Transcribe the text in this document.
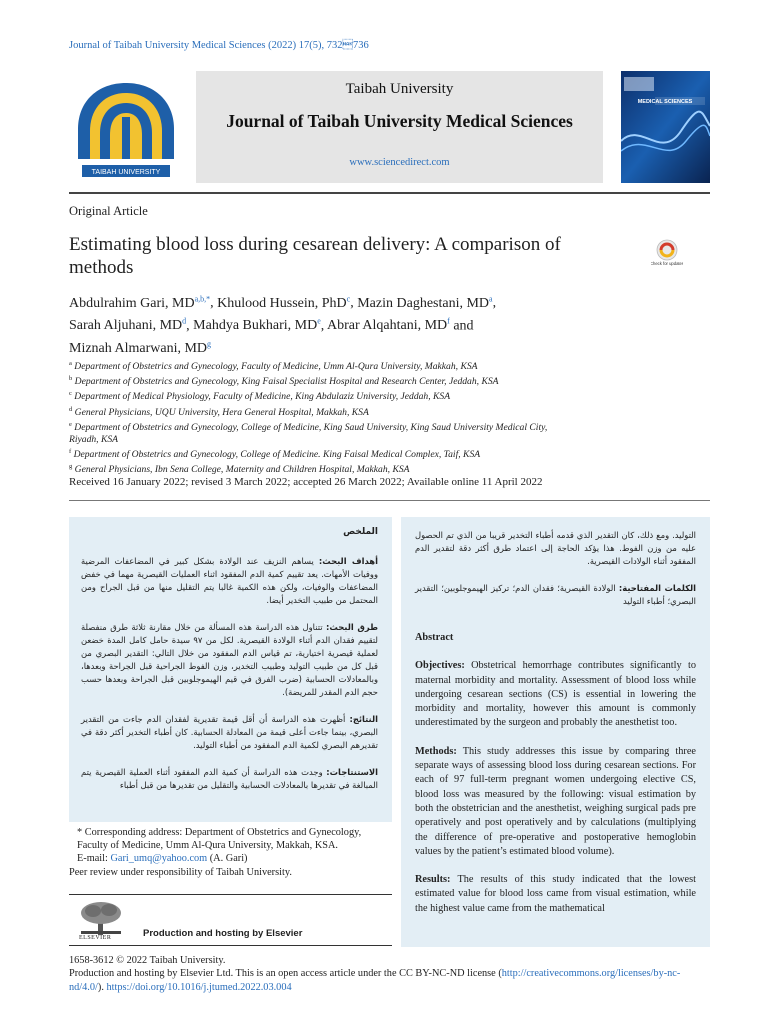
Journal of Taibah University Medical Sciences (2022) 17(5), 732736
TAIBAH UNIVERSITY
Taibah University
Journal of Taibah University Medical Sciences
www.sciencedirect.com
MEDICAL SCIENCES
Original Article
Estimating blood loss during cesarean delivery: A comparison of methods	Check for updates
Abdulrahim Gari, $MD^{a,b,*}$, Khulood Hussein, PhD$^c$, Mazin Daghestani, $MD^a$,
Sarah Aljuhani, $MD^d$, Mahdya Bukhari, MDe, Abrar Alqahtani, $MD^f$ and
Miznah Almarwani, $MD^g$
$^a$ Department of Obstetrics and Gynecology, Faculty of Medicine, Umm Al-Qura University, Makkah, KSA
$^b$ Department of Obstetrics and Gynecology, King Faisal Specialist Hospital and Research Center, Jeddah, KSA
$^c$ Department of Medical Physiology, Faculty of Medicine, King Abdulaziz University, Jeddah, KSA
$^d$ General Physicians, UQU University, Hera General Hospital, Makkah, KSA
$^e$ Department of Obstetrics and Gynecology, College of Medicine, King Saud University, King Saud University Medical City,
Riyadh, KSA
$^f$ Department of Obstetrics and Gynecology, College of Medicine. King Faisal Medical Complex, Taif, KSA
$^g$ General Physicians, Ibn Sena College, Maternity and Children Hospital, Makkah, KSA
Received 16 January 2022; revised 3 March 2022; accepted 26 March 2022; Available online 11 April 2022
الملخص

أهداف البحث: يساهم النزيف عند الولادة بشكل كبير في المضاعفات المرضية ووفيات الأمهات. يعد تقييم كمية الدم المفقود اثناء العمليات القيصرية مهما في خفض المضاعفات والوفيات، ولكن هذه الكمية غالبا يتم التقليل منها من قبل الجراح ومن المحتمل من طبيب التخدير أيضا.

طرق البحث: تتناول هذه الدراسة هذه المسألة من خلال مقارنة ثلاثة طرق منفصلة لتقييم فقدان الدم أثناء الولادة القيصرية. لكل من ٩٧ سيدة حامل كامل المدة خضعن لعملية قيصرية اختيارية، تم قياس الدم المفقود من خلال التالي: التقدير البصري من قبل كل من طبيب التوليد وطبيب التخدير، وزن الفوط الجراحية قبل الجراحة وبعدها، وبالمعادلات الحسابية (ضرب الفرق في قيم الهيموجلوبين قبل الجراحة وبعدها حسب حجم الدم المقدر للمريضة).

النتائج: أظهرت هذه الدراسة أن أقل قيمة تقديرية لفقدان الدم جاءت من التقدير البصري، بينما جاءت أعلى قيمة من المعادلة الحسابية. كان أطباء التخدير أكثر دقة في تقديرهم البصري لكمية الدم المفقود من أطباء التوليد.

الاستنتاجات: وجدت هذه الدراسة أن كمية الدم المفقود أثناء العملية القيصرية يتم المبالغة في تقديرها بالمعادلات الحسابية والتقليل من تقديرها من قبل أطباء

التوليد. ومع ذلك، كان التقدير الذي قدمه أطباء التخدير قريبا من الذي تم الحصول عليه من وزن الفوط. هذا يؤكد الحاجة إلى اعتماد طرق أكثر دقة لتقدير الدم المفقود أثناء الولادات القيصرية.

الكلمات المفتاحية: الولادة القيصرية؛ فقدان الدم؛ تركيز الهيموجلوبين؛ التقدير البصري؛ أطباء التوليد

Abstract

Objectives: Obstetrical hemorrhage contributes significantly to maternal morbidity and mortality. Assessment of blood loss while undergoing cesarean sections (CS) is essential in lowering the morbidity and mortality, however this amount is commonly underestimated by the surgeon and probably the anesthetist too.

Methods: This study addresses this issue by comparing three separate ways of assessing blood loss during cesarean sections. For each of 97 full-term pregnant women undergoing elective CS, blood loss was measured by the following: visual estimation by both the obstetrician and the anesthetist, weighing surgical pads pre operatively and post operatively and by calculations (multiplying the difference of pre-operative and postoperative hemoglobin values by the patient’s estimated blood volume).

Results: The results of this study indicated that the lowest estimated value for blood loss came from visual estimation, while the highest value came from the mathematical

* Corresponding address: Department of Obstetrics and Gynecology, Faculty of Medicine, Umm Al-Qura University, Makkah, KSA.
E-mail: Gari_umq@yahoo.com (A. Gari)
Peer review under responsibility of Taibah University.
ELSEVIER	Production and hosting by Elsevier
1658-3612 © 2022 Taibah University.
Production and hosting by Elsevier Ltd. This is an open access article under the CC BY-NC-ND license (http://creativecommons.org/licenses/by-nc-nd/4.0/). https://doi.org/10.1016/j.jtumed.2022.03.004
